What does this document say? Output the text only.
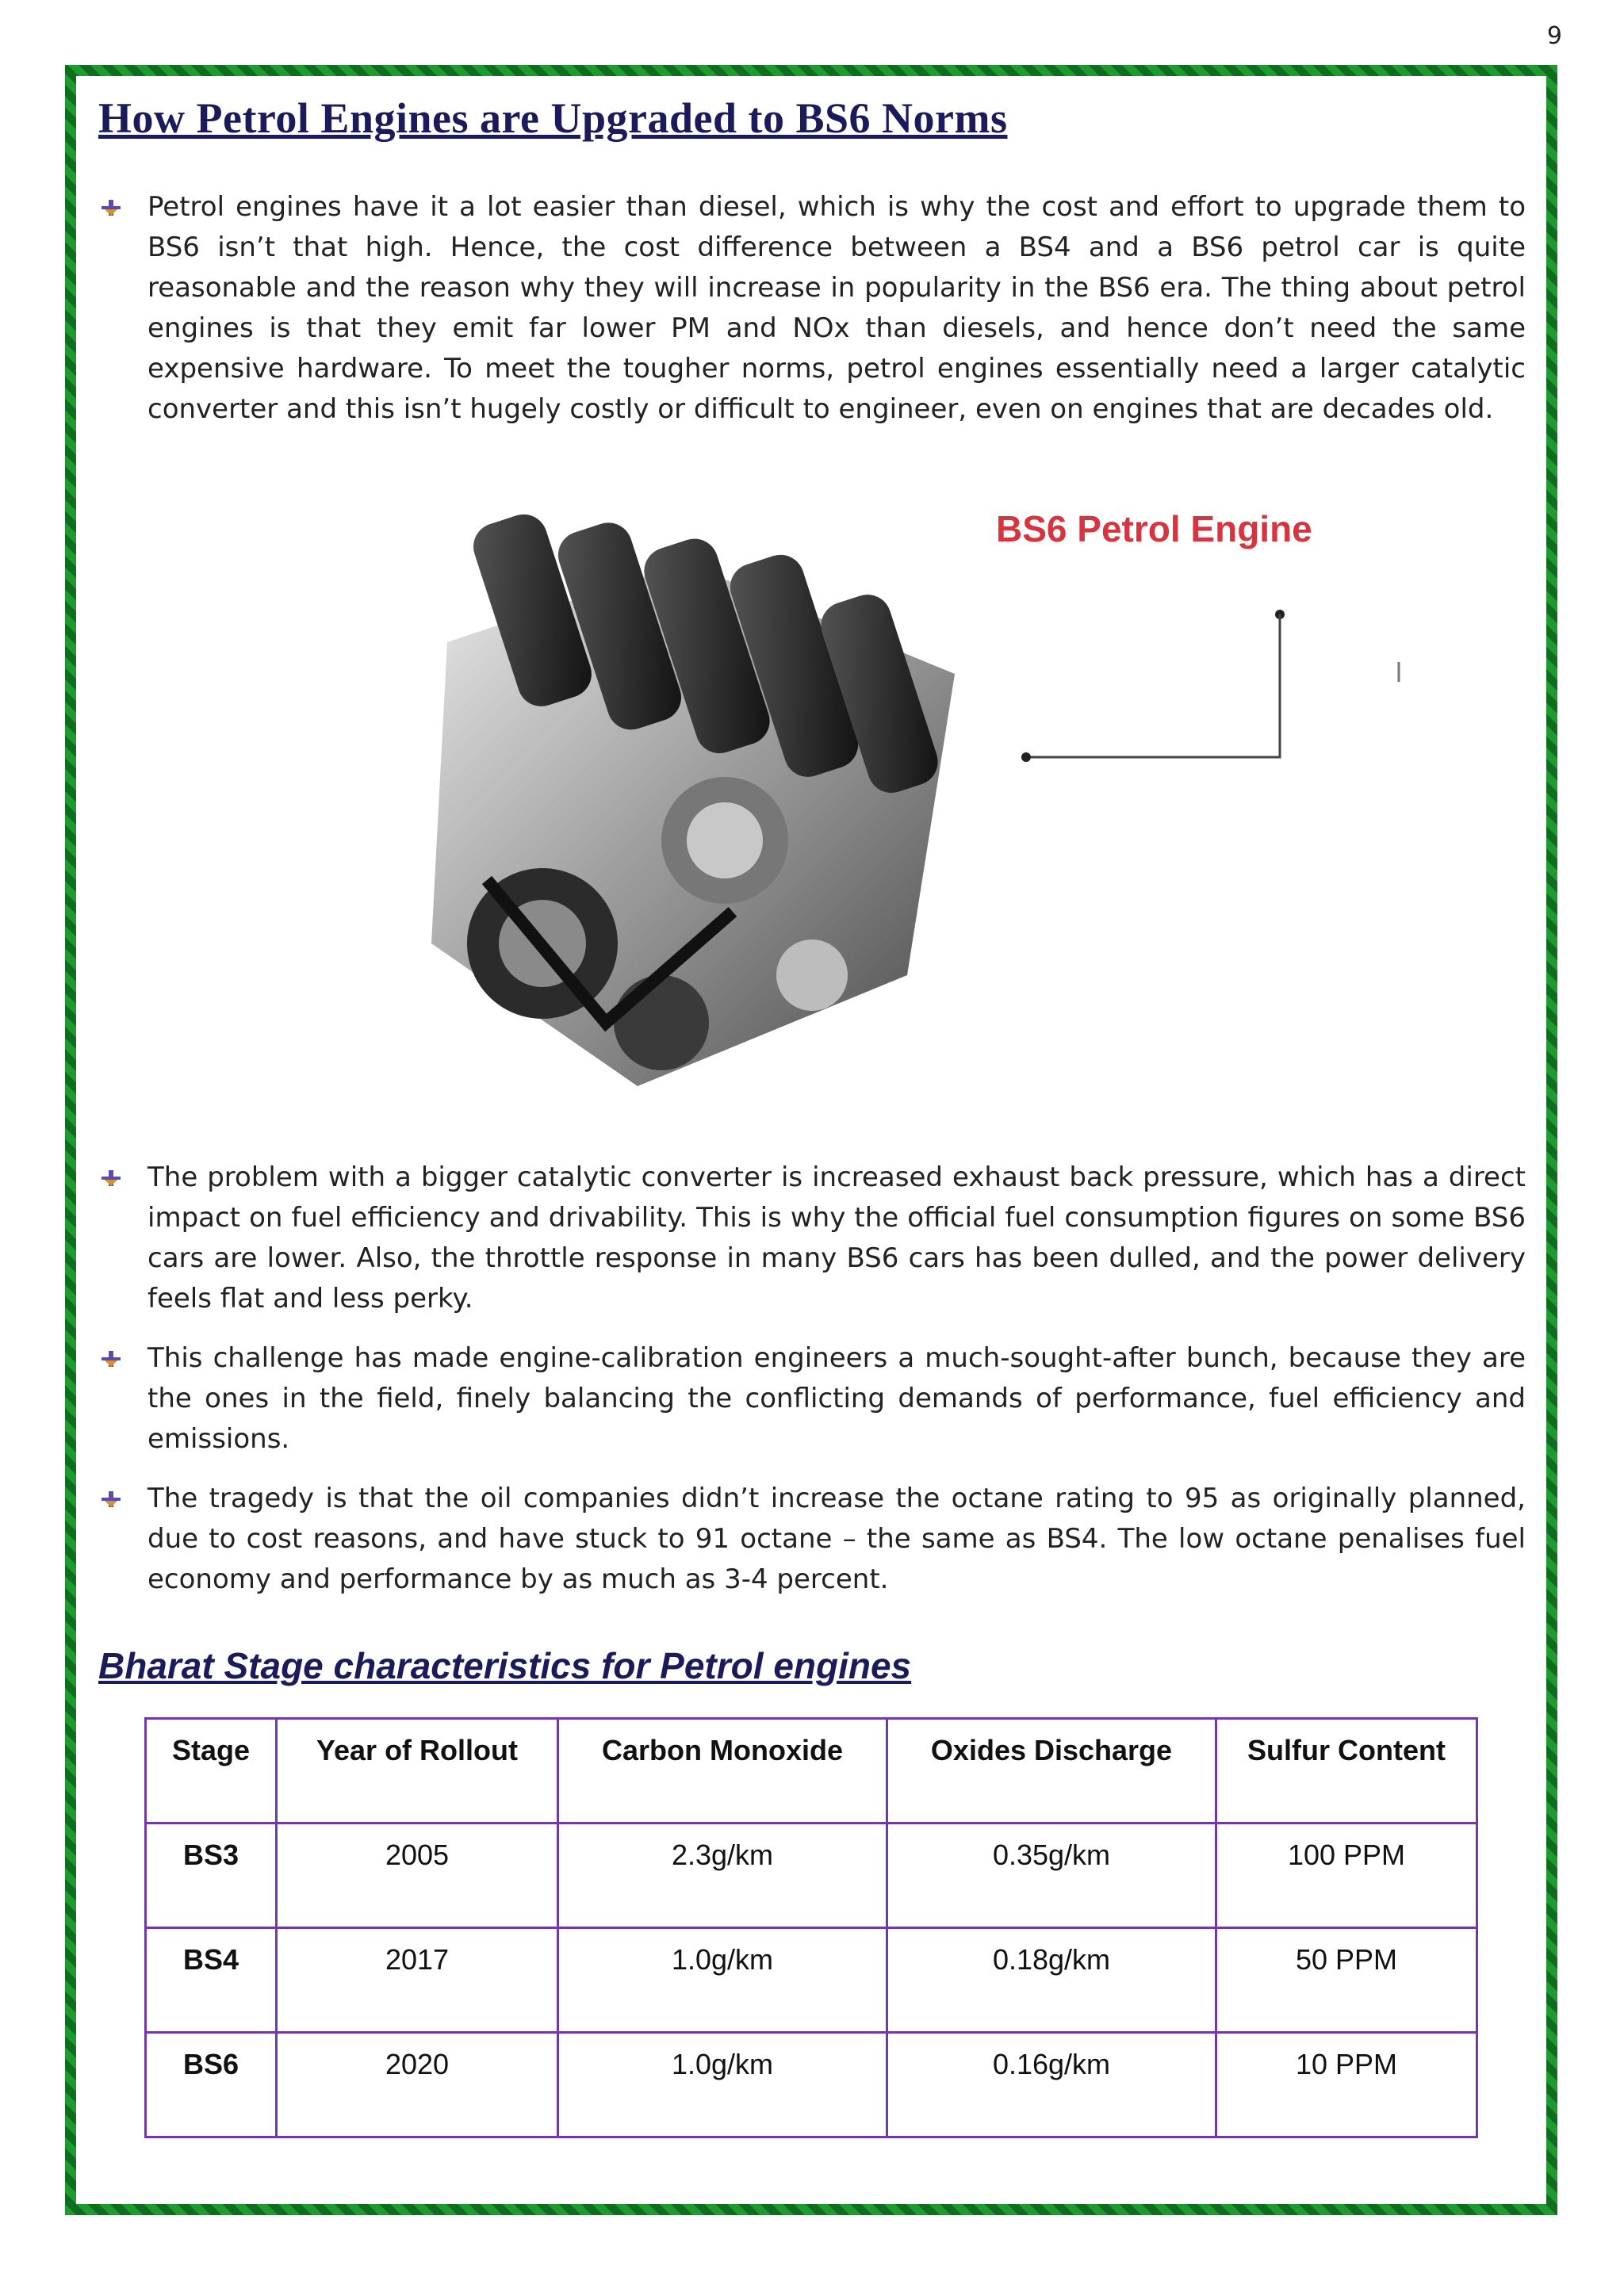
9
How Petrol Engines are Upgraded to BS6 Norms
Petrol engines have it a lot easier than diesel, which is why the cost and effort to upgrade them to BS6 isn’t that high. Hence, the cost difference between a BS4 and a BS6 petrol car is quite reasonable and the reason why they will increase in popularity in the BS6 era. The thing about petrol engines is that they emit far lower PM and NOx than diesels, and hence don’t need the same expensive hardware. To meet the tougher norms, petrol engines essentially need a larger catalytic converter and this isn’t hugely costly or difficult to engineer, even on engines that are decades old.
BS6 Petrol Engine
The problem with a bigger catalytic converter is increased exhaust back pressure, which has a direct impact on fuel efficiency and drivability. This is why the official fuel consumption figures on some BS6 cars are lower. Also, the throttle response in many BS6 cars has been dulled, and the power delivery feels flat and less perky.
This challenge has made engine-calibration engineers a much-sought-after bunch, because they are the ones in the field, finely balancing the conflicting demands of performance, fuel efficiency and emissions.
The tragedy is that the oil companies didn’t increase the octane rating to 95 as originally planned, due to cost reasons, and have stuck to 91 octane – the same as BS4. The low octane penalises fuel economy and performance by as much as 3-4 percent.
Bharat Stage characteristics for Petrol engines
Stage	Year of Rollout	Carbon Monoxide	Oxides Discharge	Sulfur Content
BS3	2005	2.3g/km	0.35g/km	100 PPM
BS4	2017	1.0g/km	0.18g/km	50 PPM
BS6	2020	1.0g/km	0.16g/km	10 PPM
